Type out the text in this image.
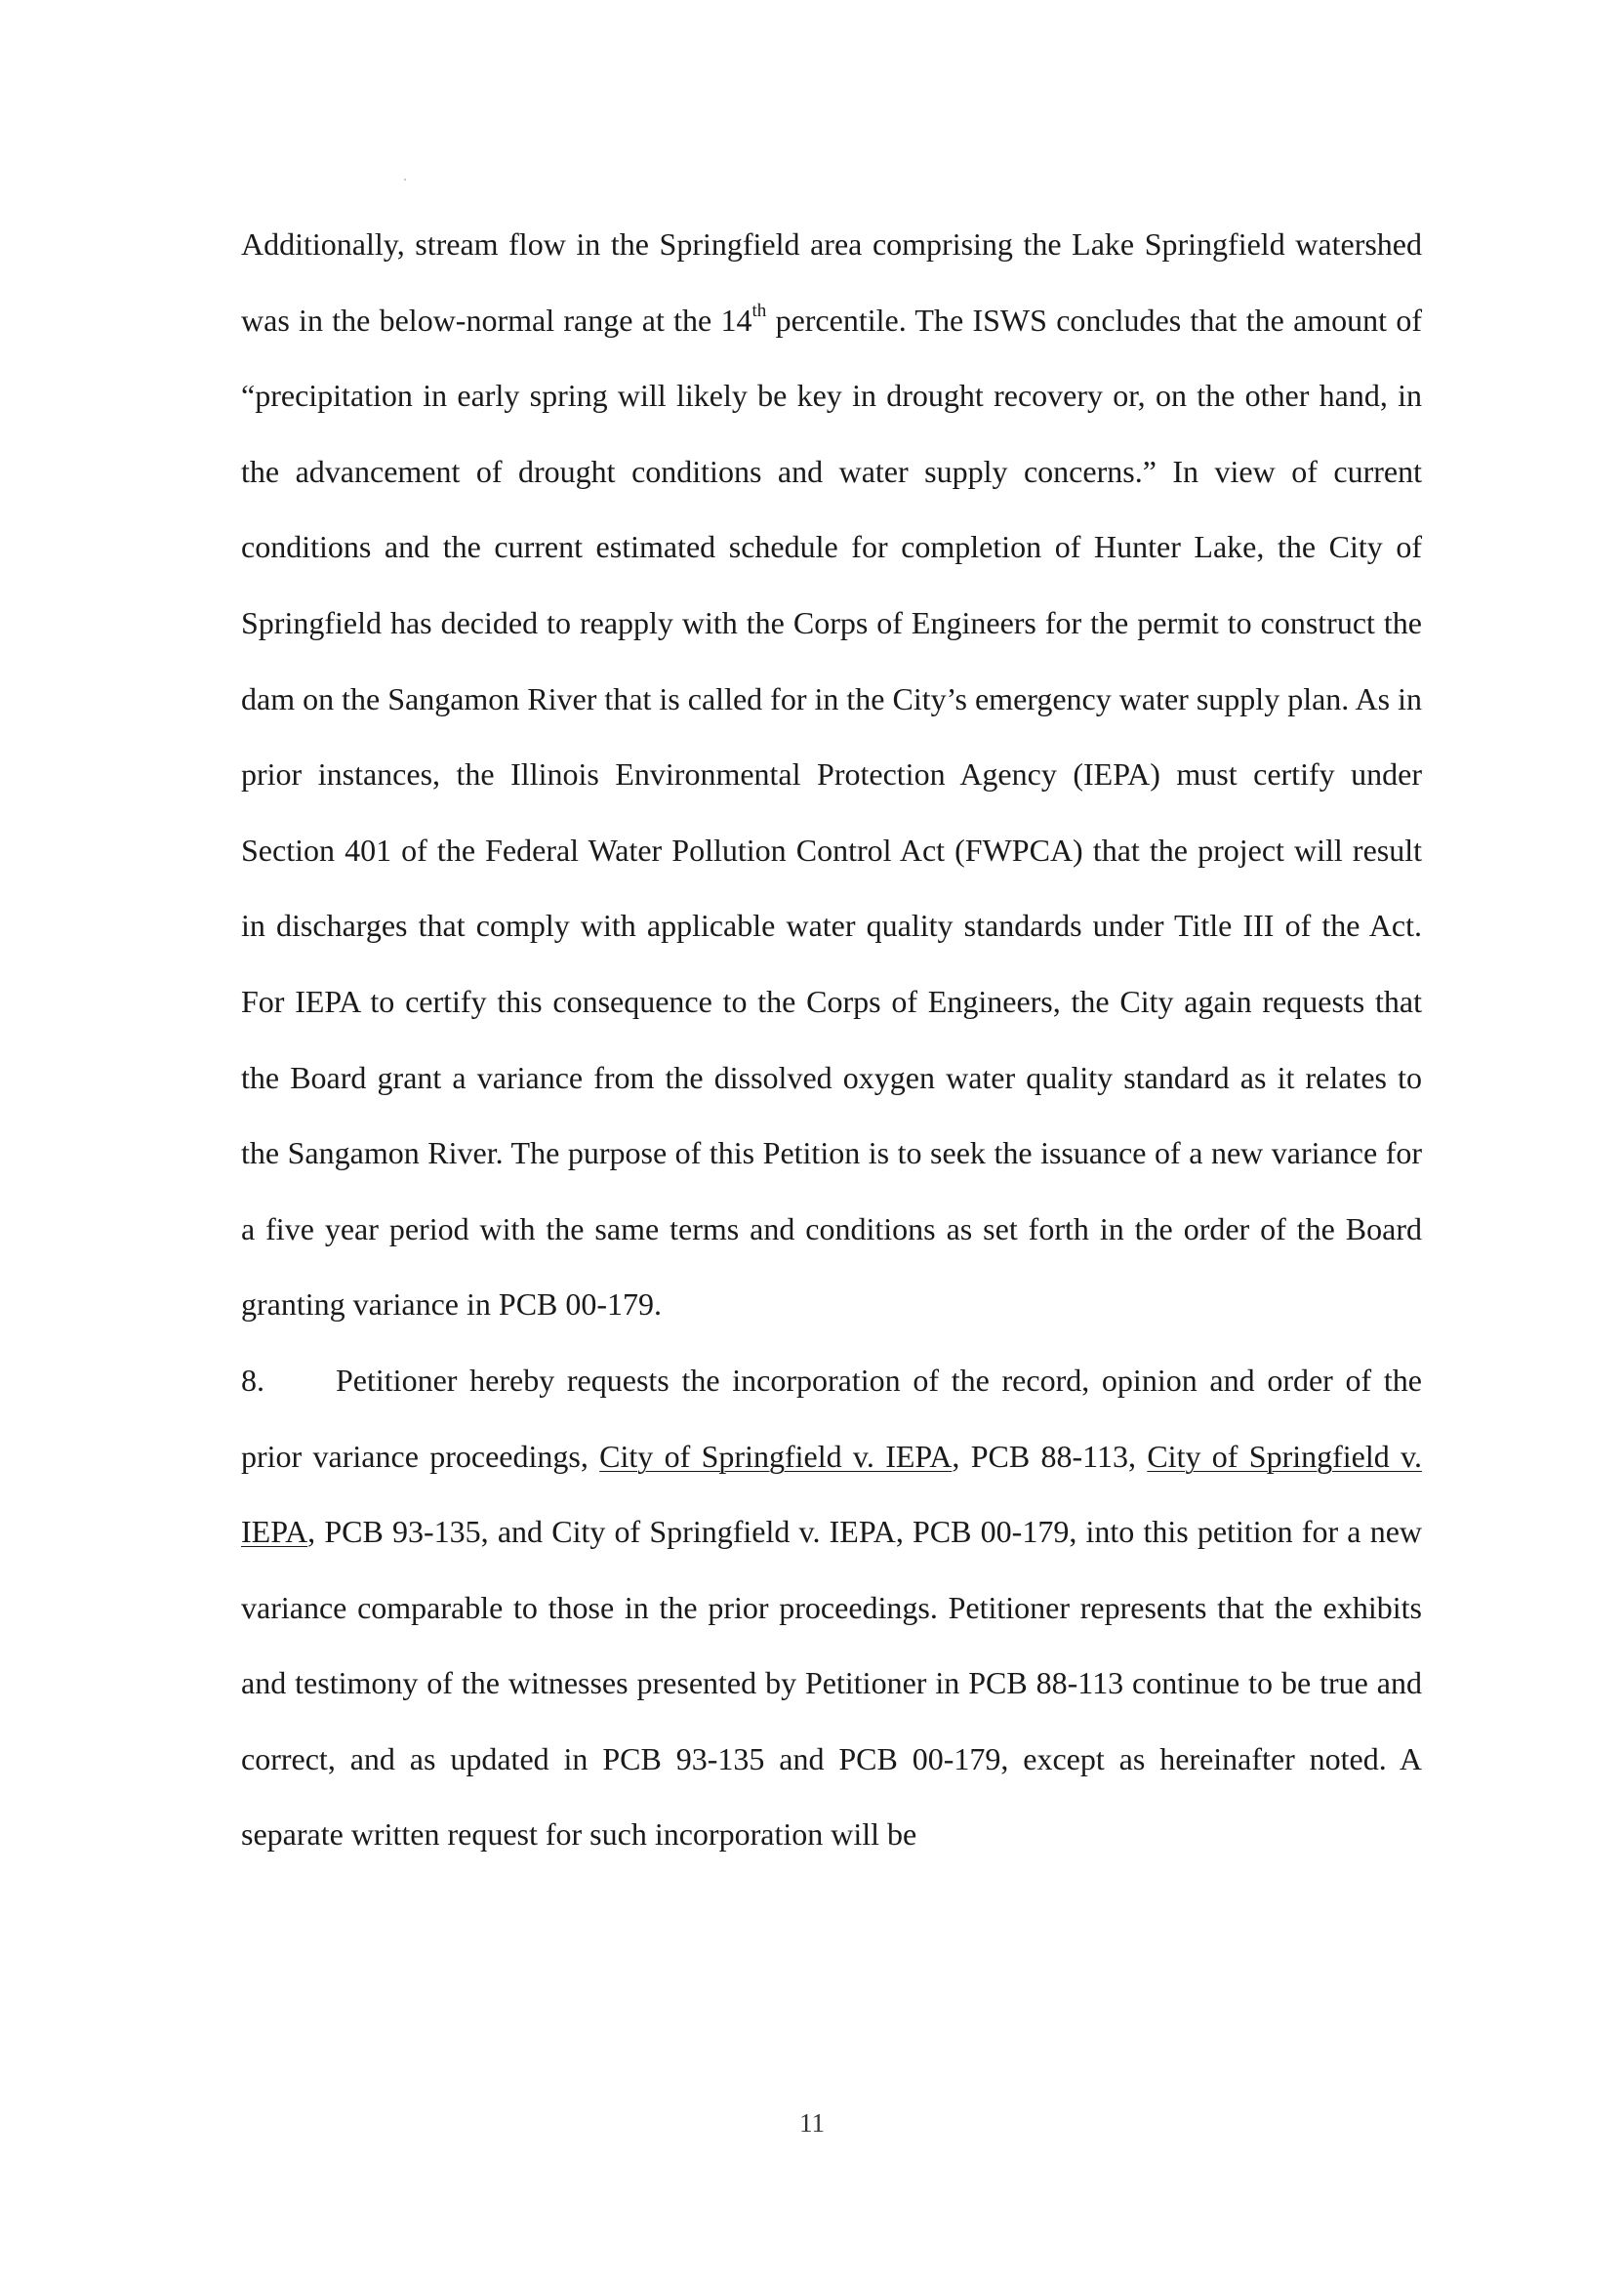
Additionally, stream flow in the Springfield area comprising the Lake Springfield watershed was in the below-normal range at the 14th percentile. The ISWS concludes that the amount of “precipitation in early spring will likely be key in drought recovery or, on the other hand, in the advancement of drought conditions and water supply concerns.” In view of current conditions and the current estimated schedule for completion of Hunter Lake, the City of Springfield has decided to reapply with the Corps of Engineers for the permit to construct the dam on the Sangamon River that is called for in the City’s emergency water supply plan. As in prior instances, the Illinois Environmental Protection Agency (IEPA) must certify under Section 401 of the Federal Water Pollution Control Act (FWPCA) that the project will result in discharges that comply with applicable water quality standards under Title III of the Act. For IEPA to certify this consequence to the Corps of Engineers, the City again requests that the Board grant a variance from the dissolved oxygen water quality standard as it relates to the Sangamon River. The purpose of this Petition is to seek the issuance of a new variance for a five year period with the same terms and conditions as set forth in the order of the Board granting variance in PCB 00-179.

8. Petitioner hereby requests the incorporation of the record, opinion and order of the prior variance proceedings, City of Springfield v. IEPA, PCB 88-113, City of Springfield v. IEPA, PCB 93-135, and City of Springfield v. IEPA, PCB 00-179, into this petition for a new variance comparable to those in the prior proceedings. Petitioner represents that the exhibits and testimony of the witnesses presented by Petitioner in PCB 88-113 continue to be true and correct, and as updated in PCB 93-135 and PCB 00-179, except as hereinafter noted. A separate written request for such incorporation will be

11
